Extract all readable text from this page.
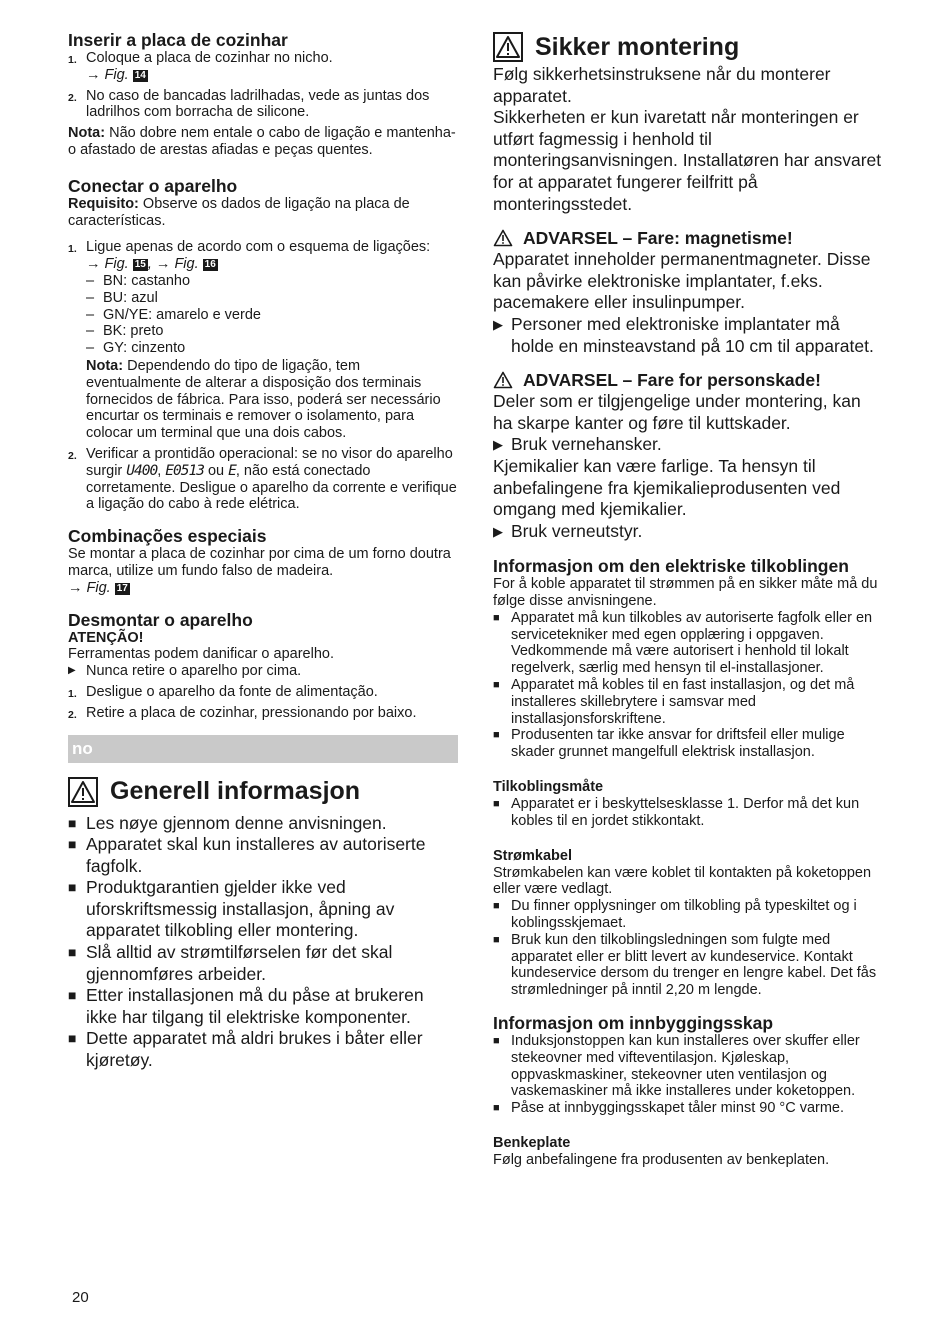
Inserir a placa de cozinhar
1. Coloque a placa de cozinhar no nicho.
→ Fig. 14
2. No caso de bancadas ladrilhadas, vede as juntas dos ladrilhos com borracha de silicone.

Nota: Não dobre nem entale o cabo de ligação e mantenha-o afastado de arestas afiadas e peças quentes.

Conectar o aparelho

Requisito: Observe os dados de ligação na placa de características.

1. Ligue apenas de acordo com o esquema de ligações:
→ Fig. 15 , → Fig. 16
– BN: castanho
– BU: azul
– GN/YE: amarelo e verde
– BK: preto
– GY: cinzento

Nota: Dependendo do tipo de ligação, tem eventualmente de alterar a disposição dos terminais fornecidos de fábrica. Para isso, poderá ser necessário encurtar os terminais e remover o isolamento, para colocar um terminal que una dois cabos.

2. Verificar a prontidão operacional: se no visor do aparelho surgir U400, E0513 ou E, não está conectado corretamente. Desligue o aparelho da corrente e verifique a ligação do cabo à rede elétrica.
Combinações especiais

Se montar a placa de cozinhar por cima de um forno doutra marca, utilize um fundo falso de madeira.
→ Fig. 17

Desmontar o aparelho

ATENÇÃO!

Ferramentas podem danificar o aparelho.

▶ Nunca retire o aparelho por cima.
1. Desligue o aparelho da fonte de alimentação.
2. Retire a placa de cozinhar, pressionando por baixo.
no
Generell informasjon
■ Les nøye gjennom denne anvisningen.
■ Apparatet skal kun installeres av autoriserte fagfolk.
■ Produktgarantien gjelder ikke ved uforskriftsmessig installasjon, åpning av apparatet tilkobling eller montering.
■ Slå alltid av strømtilførselen før det skal gjennomføres arbeider.
■ Etter installasjonen må du påse at brukeren ikke har tilgang til elektriske komponenter.
■ Dette apparatet må aldri brukes i båter eller kjøretøy.
Sikker montering

Følg sikkerhetsinstruksene når du monterer apparatet.

Sikkerheten er kun ivaretatt når monteringen er utført fagmessig i henhold til monteringsanvisningen. Installatøren har ansvaret for at apparatet fungerer feilfritt på monteringsstedet.

ADVARSEL – Fare: magnetisme!

Apparatet inneholder permanentmagneter. Disse kan påvirke elektroniske implantater, f.eks. pacemakere eller insulinpumper.

▶ Personer med elektroniske implantater må holde en minsteavstand på 10 cm til apparatet.
ADVARSEL – Fare for personskade!

Deler som er tilgjengelige under montering, kan ha skarpe kanter og føre til kuttskader.

▶ Bruk vernehansker.

Kjemikalier kan være farlige. Ta hensyn til anbefalingene fra kjemikalieprodusenten ved omgang med kjemikalier.

▶ Bruk verneutstyr.
Informasjon om den elektriske tilkoblingen

For å koble apparatet til strømmen på en sikker måte må du følge disse anvisningene.

■ Apparatet må kun tilkobles av autoriserte fagfolk eller en servicetekniker med egen opplæring i oppgaven. Vedkommende må være autorisert i henhold til lokalt regelverk, særlig med hensyn til el-installasjoner.
■ Apparatet må kobles til en fast installasjon, og det må installeres skillebrytere i samsvar med installasjonsforskriftene.
■ Produsenten tar ikke ansvar for driftsfeil eller mulige skader grunnet mangelfull elektrisk installasjon.
Tilkoblingsmåte
■ Apparatet er i beskyttelsesklasse 1. Derfor må det kun kobles til en jordet stikkontakt.
Strømkabel

Strømkabelen kan være koblet til kontakten på koketoppen eller være vedlagt.

■ Du finner opplysninger om tilkobling på typeskiltet og i koblingsskjemaet.
■ Bruk kun den tilkoblingsledningen som fulgte med apparatet eller er blitt levert av kundeservice. Kontakt kundeservice dersom du trenger en lengre kabel. Det fås strømledninger på inntil 2,20 m lengde.
Informasjon om innbyggingsskap
■ Induksjonstoppen kan kun installeres over skuffer eller stekeovner med vifteventilasjon. Kjøleskap, oppvaskmaskiner, stekeovner uten ventilasjon og vaskemaskiner må ikke installeres under koketoppen.
■ Påse at innbyggingsskapet tåler minst 90 °C varme.
Benkeplate

Følg anbefalingene fra produsenten av benkeplaten.

20
